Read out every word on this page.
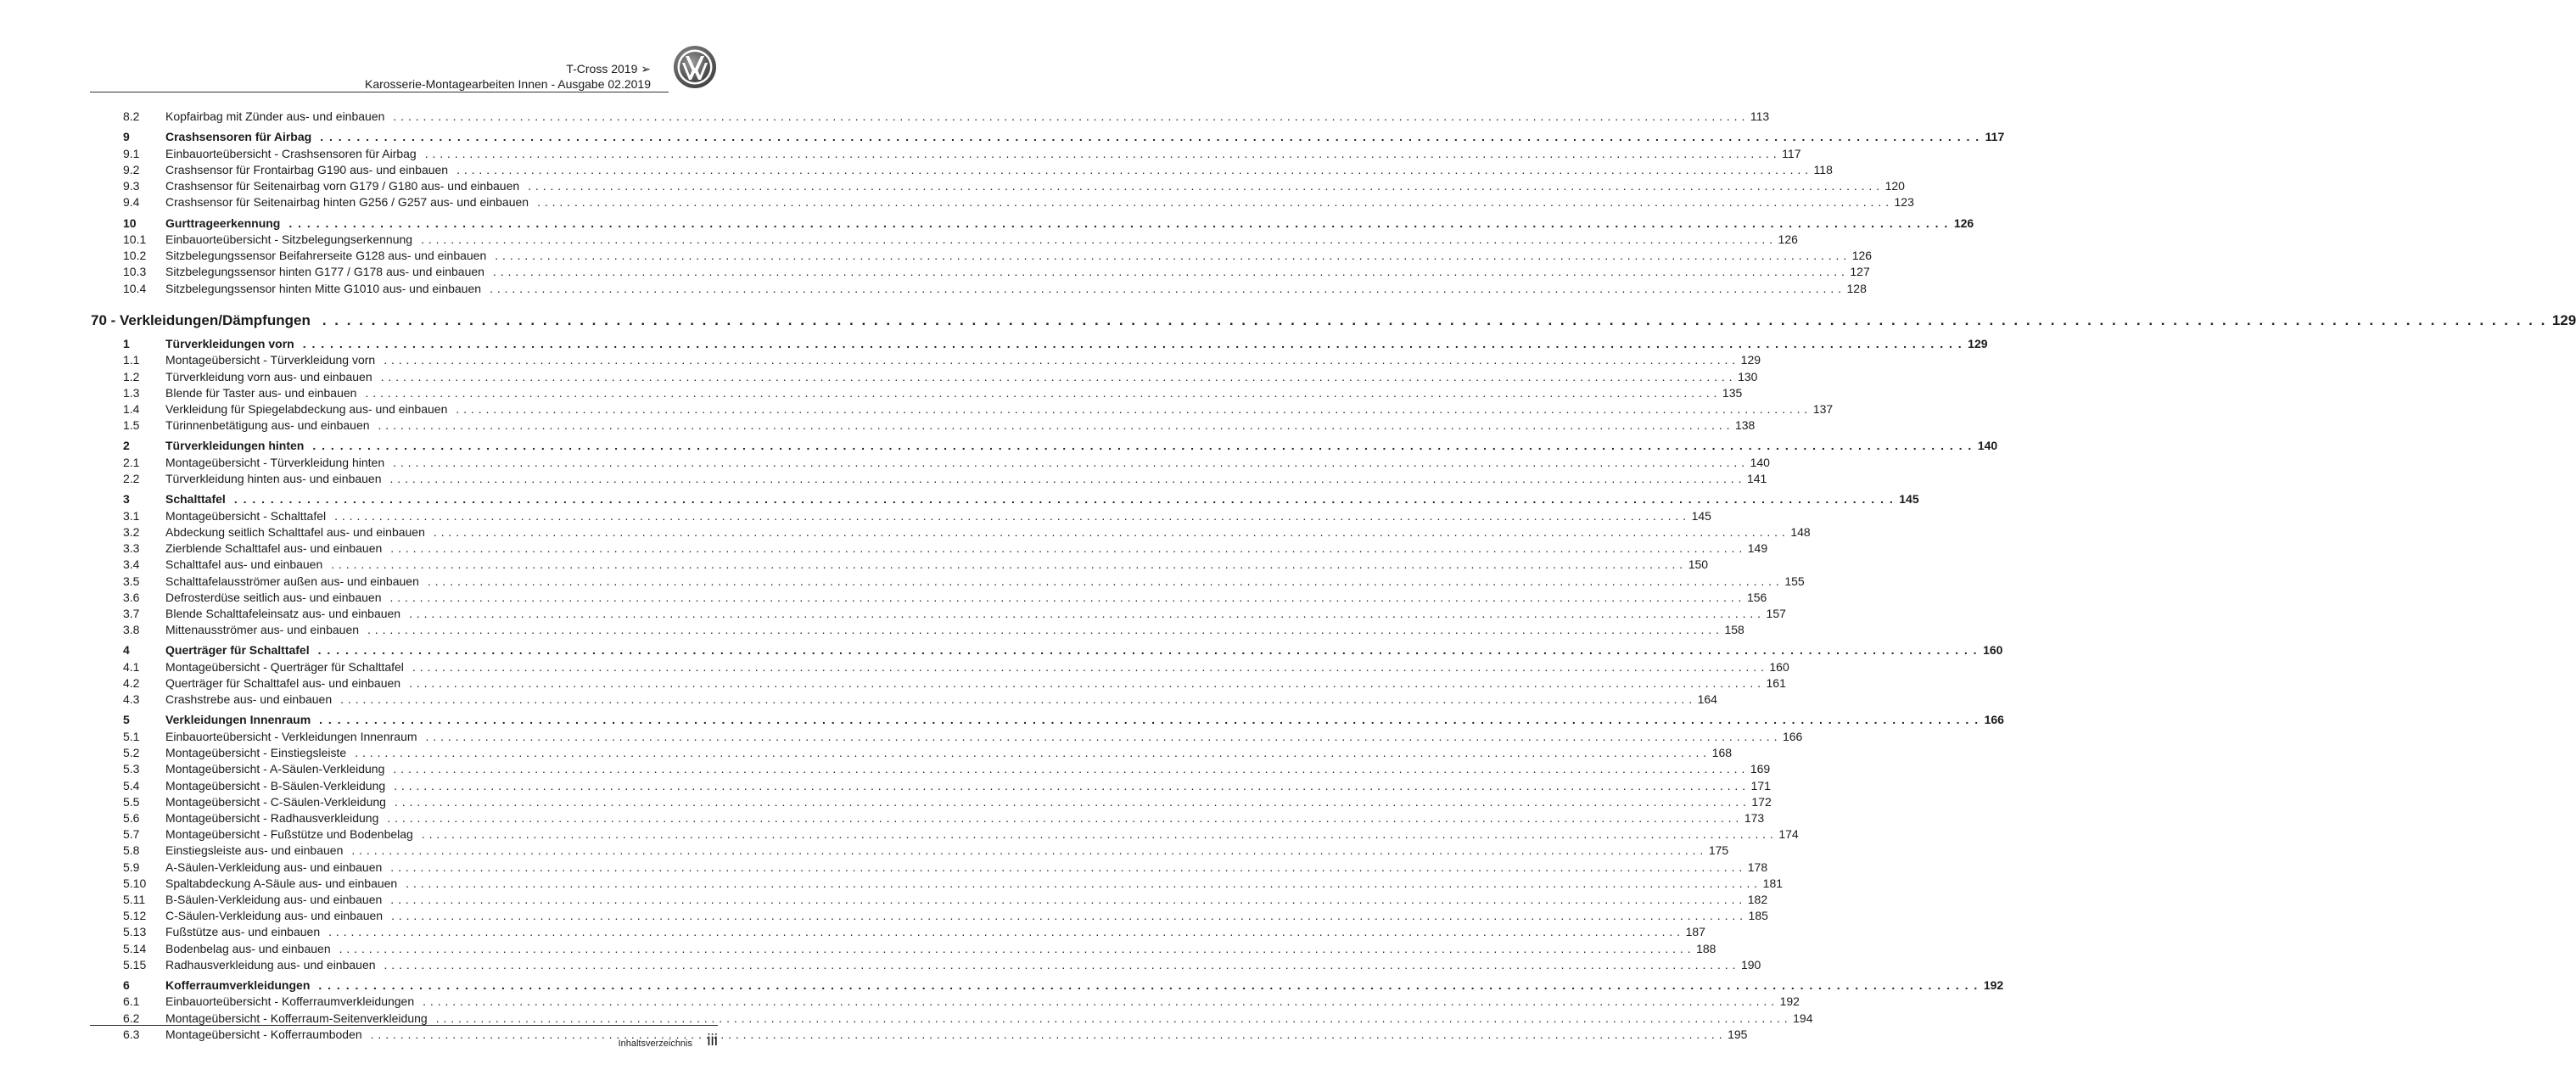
T-Cross 2019 ➢
Karosserie-Montagearbeiten Innen - Ausgabe 02.2019
8.2	Kopfairbag mit Zünder aus- und einbauen . . .	113
9	Crashsensoren für Airbag . . .	117
9.1	Einbauorteübersicht - Crashsensoren für Airbag . . .	117
9.2	Crashsensor für Frontairbag G190 aus- und einbauen . . .	118
9.3	Crashsensor für Seitenairbag vorn G179 / G180 aus- und einbauen . . .	120
9.4	Crashsensor für Seitenairbag hinten G256 / G257 aus- und einbauen . . .	123
10	Gurttrageerkennung . . .	126
10.1	Einbauorteübersicht - Sitzbelegungserkennung . . .	126
10.2	Sitzbelegungssensor Beifahrerseite G128 aus- und einbauen . . .	126
10.3	Sitzbelegungssensor hinten G177 / G178 aus- und einbauen . . .	127
10.4	Sitzbelegungssensor hinten Mitte G1010 aus- und einbauen . . .	128
70 - Verkleidungen/Dämpfungen . . .	129
1	Türverkleidungen vorn . . .	129
1.1	Montageübersicht - Türverkleidung vorn . . .	129
1.2	Türverkleidung vorn aus- und einbauen . . .	130
1.3	Blende für Taster aus- und einbauen . . .	135
1.4	Verkleidung für Spiegelabdeckung aus- und einbauen . . .	137
1.5	Türinnenbetätigung aus- und einbauen . . .	138
2	Türverkleidungen hinten . . .	140
2.1	Montageübersicht - Türverkleidung hinten . . .	140
2.2	Türverkleidung hinten aus- und einbauen . . .	141
3	Schalttafel . . .	145
3.1	Montageübersicht - Schalttafel . . .	145
3.2	Abdeckung seitlich Schalttafel aus- und einbauen . . .	148
3.3	Zierblende Schalttafel aus- und einbauen . . .	149
3.4	Schalttafel aus- und einbauen . . .	150
3.5	Schalttafelausströmer außen aus- und einbauen . . .	155
3.6	Defrosterdüse seitlich aus- und einbauen . . .	156
3.7	Blende Schalttafeleinsatz aus- und einbauen . . .	157
3.8	Mittenausströmer aus- und einbauen . . .	158
4	Querträger für Schalttafel . . .	160
4.1	Montageübersicht - Querträger für Schalttafel . . .	160
4.2	Querträger für Schalttafel aus- und einbauen . . .	161
4.3	Crashstrebe aus- und einbauen . . .	164
5	Verkleidungen Innenraum . . .	166
5.1	Einbauorteübersicht - Verkleidungen Innenraum . . .	166
5.2	Montageübersicht - Einstiegsleiste . . .	168
5.3	Montageübersicht - A-Säulen-Verkleidung . . .	169
5.4	Montageübersicht - B-Säulen-Verkleidung . . .	171
5.5	Montageübersicht - C-Säulen-Verkleidung . . .	172
5.6	Montageübersicht - Radhausverkleidung . . .	173
5.7	Montageübersicht - Fußstütze und Bodenbelag . . .	174
5.8	Einstiegsleiste aus- und einbauen . . .	175
5.9	A-Säulen-Verkleidung aus- und einbauen . . .	178
5.10	Spaltabdeckung A-Säule aus- und einbauen . . .	181
5.11	B-Säulen-Verkleidung aus- und einbauen . . .	182
5.12	C-Säulen-Verkleidung aus- und einbauen . . .	185
5.13	Fußstütze aus- und einbauen . . .	187
5.14	Bodenbelag aus- und einbauen . . .	188
5.15	Radhausverkleidung aus- und einbauen . . .	190
6	Kofferraumverkleidungen . . .	192
6.1	Einbauorteübersicht - Kofferraumverkleidungen . . .	192
6.2	Montageübersicht - Kofferraum-Seitenverkleidung . . .	194
6.3	Montageübersicht - Kofferraumboden . . .	195
Inhaltsverzeichnis iii
